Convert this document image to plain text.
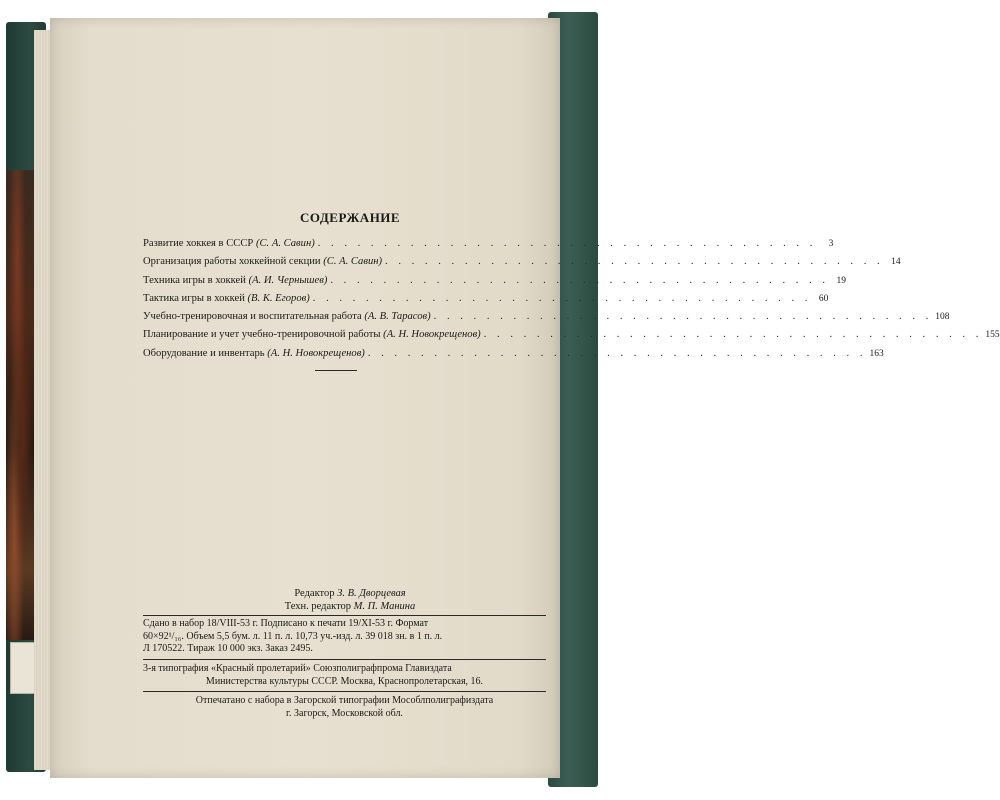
СОДЕРЖАНИЕ
Развитие хоккея в СССР (С. А. Савин) . . . . . . . . . . . . . . . . . . . . . . . . . . . . . . . . . . . . . .	3
Организация работы хоккейной секции (С. А. Савин) . . . . . . . . . . . . . . . . . . . . . . . . . . . . . . . . . . . . . . 14
Техника игры в хоккей (А. И. Чернышев) . . . . . . . . . . . . . . . . . . . . . . . . . . . . . . . . . . . . . . 19
Тактика игры в хоккей (В. К. Егоров) . . . . . . . . . . . . . . . . . . . . . . . . . . . . . . . . . . . . . . 60
Учебно-тренировочная и воспитательная работа (А. В. Тарасов) . . . . . . . . . . . . . . . . . . . . . . . . . . . . . . . . . . . . . . 108
Планирование и учет учебно-тренировочной работы (А. Н. Новокрещенов) . . . . . . . . . . . . . . . . . . . . . . . . . . . . . . . . . . . . . . 155
Оборудование и инвентарь (А. Н. Новокрещенов) . . . . . . . . . . . . . . . . . . . . . . . . . . . . . . . . . . . . . . 163
Редактор З. В. Дворцевая
Техн. редактор М. П. Манина
Сдано в набор 18/VIII-53 г. Подписано к печати 19/XI-53 г. Формат
60×92¹/₁₆. Объем 5,5 бум. л. 11 п. л. 10,73 уч.-изд. л. 39 018 зн. в 1 п. л.
Л 170522. Тираж 10 000 экз. Заказ 2495.
3-я типография «Красный пролетарий» Союзполиграфпрома Главиздата
Министерства культуры СССР. Москва, Краснопролетарская, 16.
Отпечатано с набора в Загорской типографии Мособлполиграфиздата
г. Загорск, Московской обл.
